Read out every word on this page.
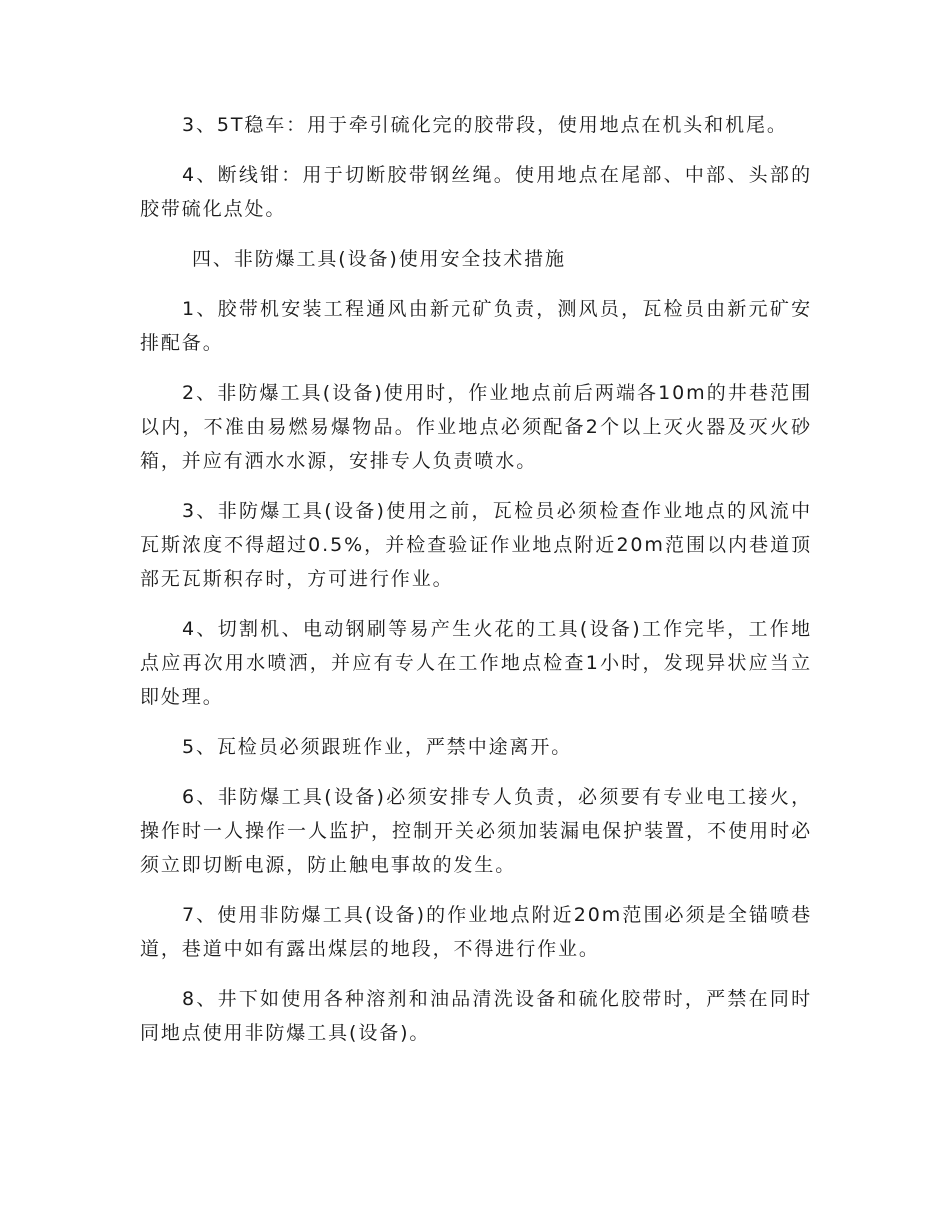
3、5T稳车：用于牵引硫化完的胶带段，使用地点在机头和机尾。

4、断线钳：用于切断胶带钢丝绳。使用地点在尾部、中部、头部的胶带硫化点处。

四、非防爆工具(设备)使用安全技术措施

1、胶带机安装工程通风由新元矿负责，测风员，瓦检员由新元矿安排配备。

2、非防爆工具(设备)使用时，作业地点前后两端各10m的井巷范围以内，不准由易燃易爆物品。作业地点必须配备2个以上灭火器及灭火砂箱，并应有洒水水源，安排专人负责喷水。

3、非防爆工具(设备)使用之前，瓦检员必须检查作业地点的风流中瓦斯浓度不得超过0.5%，并检查验证作业地点附近20m范围以内巷道顶部无瓦斯积存时，方可进行作业。

4、切割机、电动钢刷等易产生火花的工具(设备)工作完毕，工作地点应再次用水喷洒，并应有专人在工作地点检查1小时，发现异状应当立即处理。

5、瓦检员必须跟班作业，严禁中途离开。

6、非防爆工具(设备)必须安排专人负责，必须要有专业电工接火，操作时一人操作一人监护，控制开关必须加装漏电保护装置，不使用时必须立即切断电源，防止触电事故的发生。

7、使用非防爆工具(设备)的作业地点附近20m范围必须是全锚喷巷道，巷道中如有露出煤层的地段，不得进行作业。

8、井下如使用各种溶剂和油品清洗设备和硫化胶带时，严禁在同时同地点使用非防爆工具(设备)。
